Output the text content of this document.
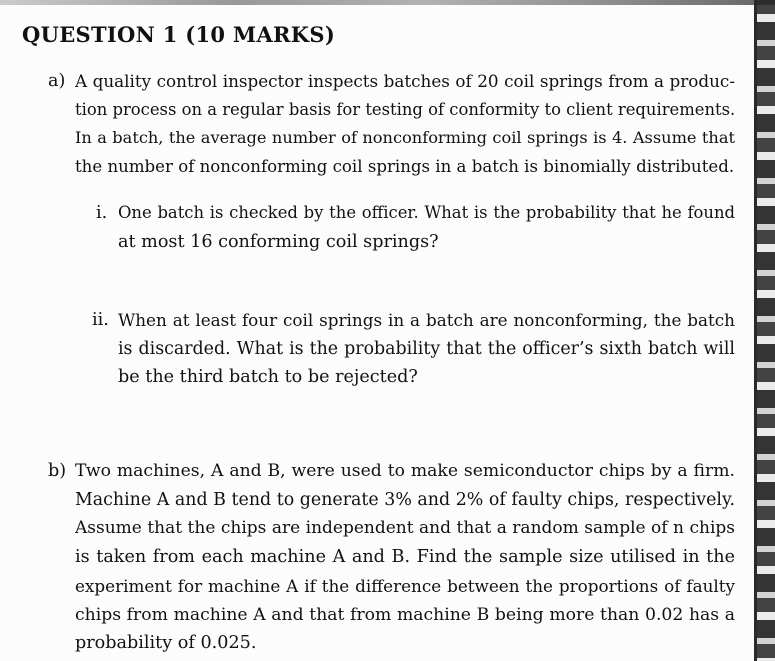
QUESTION 1 (10 MARKS)
a) A quality control inspector inspects batches of 20 coil springs from a produc-
tion process on a regular basis for testing of conformity to client requirements.
In a batch, the average number of nonconforming coil springs is 4. Assume that
the number of nonconforming coil springs in a batch is binomially distributed.
i. One batch is checked by the officer. What is the probability that he found
at most 16 conforming coil springs?
ii. When at least four coil springs in a batch are nonconforming, the batch
is discarded. What is the probability that the officer’s sixth batch will
be the third batch to be rejected?
b) Two machines, A and B, were used to make semiconductor chips by a firm.
Machine A and B tend to generate 3% and 2% of faulty chips, respectively.
Assume that the chips are independent and that a random sample of n chips
is taken from each machine A and B. Find the sample size utilised in the
experiment for machine A if the difference between the proportions of faulty
chips from machine A and that from machine B being more than 0.02 has a
probability of 0.025.
